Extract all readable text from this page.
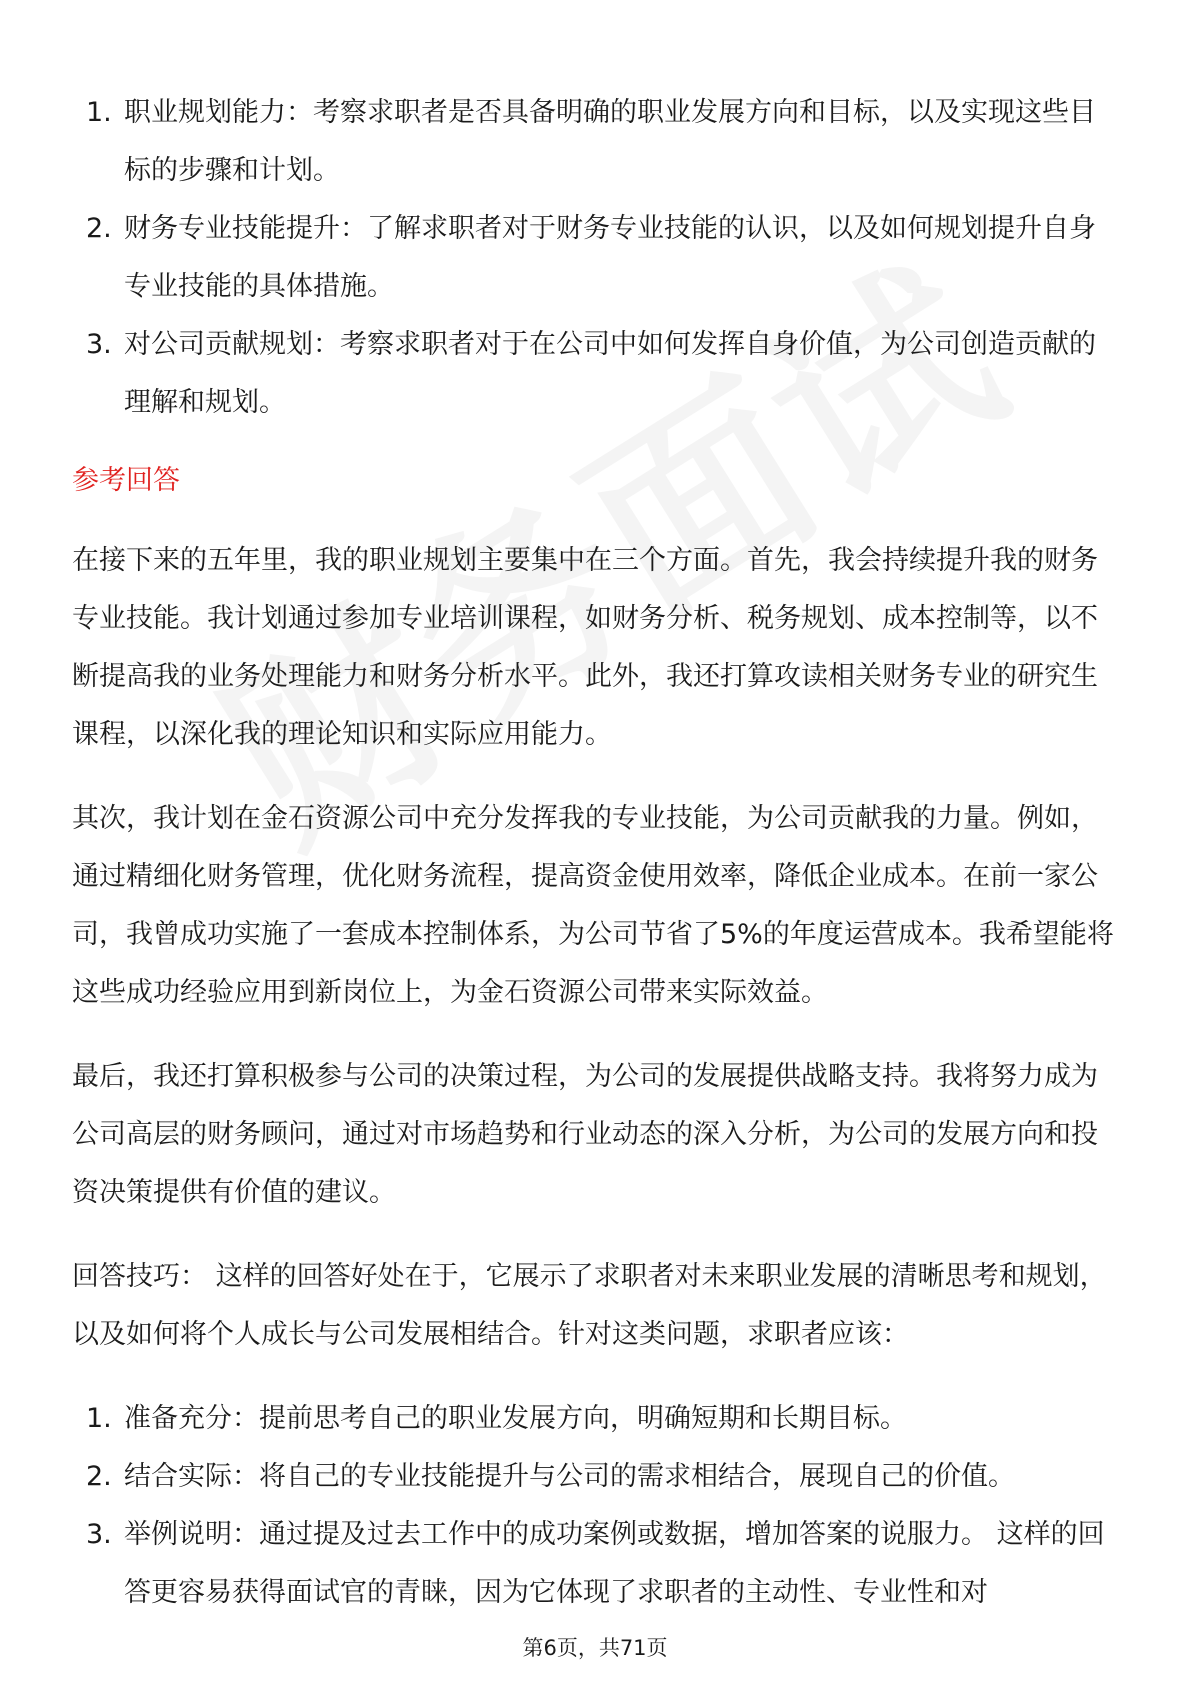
1. 职业规划能力：考察求职者是否具备明确的职业发展方向和目标，以及实现这些目标的步骤和计划。
2. 财务专业技能提升：了解求职者对于财务专业技能的认识，以及如何规划提升自身专业技能的具体措施。
3. 对公司贡献规划：考察求职者对于在公司中如何发挥自身价值，为公司创造贡献的理解和规划。
参考回答

在接下来的五年里，我的职业规划主要集中在三个方面。首先，我会持续提升我的财务专业技能。我计划通过参加专业培训课程，如财务分析、税务规划、成本控制等，以不断提高我的业务处理能力和财务分析水平。此外，我还打算攻读相关财务专业的研究生课程，以深化我的理论知识和实际应用能力。

其次，我计划在金石资源公司中充分发挥我的专业技能，为公司贡献我的力量。例如，通过精细化财务管理，优化财务流程，提高资金使用效率，降低企业成本。在前一家公司，我曾成功实施了一套成本控制体系，为公司节省了5%的年度运营成本。我希望能将这些成功经验应用到新岗位上，为金石资源公司带来实际效益。

最后，我还打算积极参与公司的决策过程，为公司的发展提供战略支持。我将努力成为公司高层的财务顾问，通过对市场趋势和行业动态的深入分析，为公司的发展方向和投资决策提供有价值的建议。

回答技巧： 这样的回答好处在于，它展示了求职者对未来职业发展的清晰思考和规划，以及如何将个人成长与公司发展相结合。针对这类问题，求职者应该：

1. 准备充分：提前思考自己的职业发展方向，明确短期和长期目标。
2. 结合实际：将自己的专业技能提升与公司的需求相结合，展现自己的价值。
3. 举例说明：通过提及过去工作中的成功案例或数据，增加答案的说服力。 这样的回答更容易获得面试官的青睐，因为它体现了求职者的主动性、专业性和对
第6页，共71页
